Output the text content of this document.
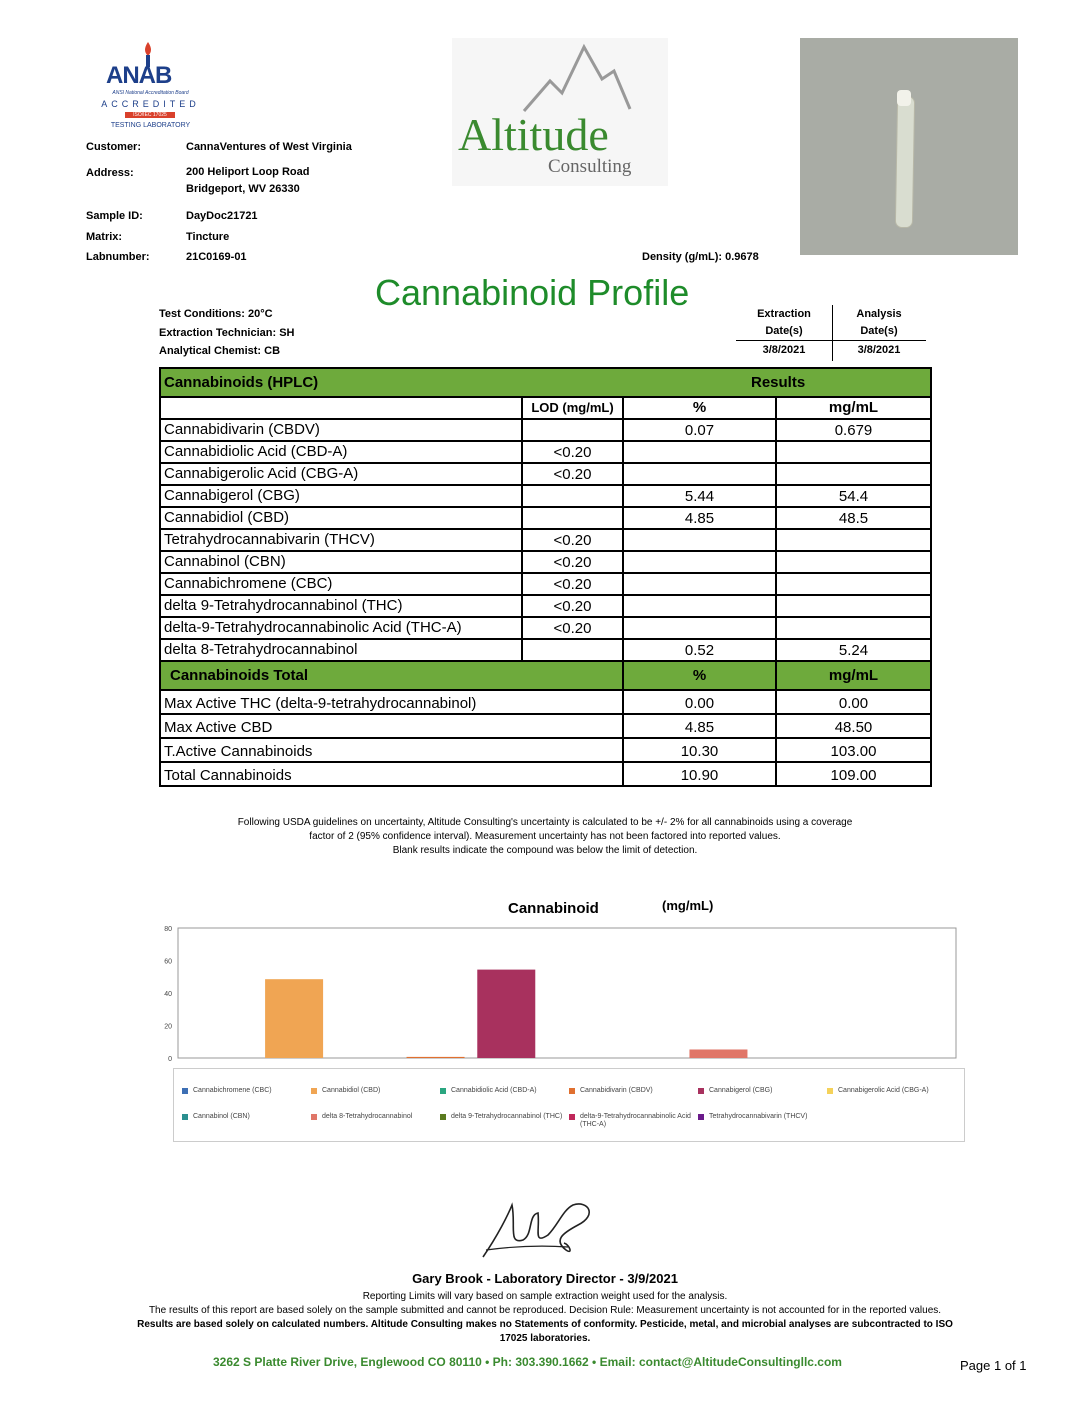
ANAB
ANSI National Accreditation Board
ACCREDITED
ISO/IEC 17025
TESTING LABORATORY	Altitude
Consulting
Customer:	CannaVentures of West Virginia
Address:	200 Heliport Loop Road
Bridgeport, WV 26330
Sample ID:	DayDoc21721
Matrix:	Tincture
Labnumber:	21C0169-01	Density (g/mL): 0.9678
Cannabinoid Profile
Test Conditions: 20°C
Extraction Technician: SH
Analytical Chemist: CB
Extraction
Date(s)
Analysis
Date(s)
3/8/2021	3/8/2021
Cannabinoids (HPLC)		Results	
	LOD (mg/mL)	%	mg/mL
Cannabidivarin (CBDV)		0.07	0.679
Cannabidiolic Acid (CBD-A)	<0.20		
Cannabigerolic Acid (CBG-A)	<0.20		
Cannabigerol (CBG)		5.44	54.4
Cannabidiol (CBD)		4.85	48.5
Tetrahydrocannabivarin (THCV)	<0.20		
Cannabinol (CBN)	<0.20		
Cannabichromene (CBC)	<0.20		
delta 9-Tetrahydrocannabinol (THC)	<0.20		
delta-9-Tetrahydrocannabinolic Acid (THC-A)	<0.20		
delta 8-Tetrahydrocannabinol		0.52	5.24
Cannabinoids Total		%	mg/mL
Max Active THC (delta-9-tetrahydrocannabinol)		0.00	0.00
Max Active CBD		4.85	48.50
T.Active Cannabinoids		10.30	103.00
Total Cannabinoids		10.90	109.00
Following USDA guidelines on uncertainty, Altitude Consulting's uncertainty is calculated to be +/- 2% for all cannabinoids using a coverage
factor of 2 (95% confidence interval). Measurement uncertainty has not been factored into reported values.
Blank results indicate the compound was below the limit of detection.
Cannabinoid	(mg/mL)
80
60
40
20
0
Cannabichromene (CBC)	Cannabidiol (CBD)	Cannabidiolic Acid (CBD-A)	Cannabidivarin (CBDV)	Cannabigerol (CBG)	Cannabigerolic Acid (CBG-A)
Cannabinol (CBN)	delta 8-Tetrahydrocannabinol	delta 9-Tetrahydrocannabinol (THC)	delta-9-Tetrahydrocannabinolic Acid (THC-A)
Tetrahydrocannabivarin (THCV)
Gary Brook - Laboratory Director - 3/9/2021
Reporting Limits will vary based on sample extraction weight used for the analysis.
The results of this report are based solely on the sample submitted and cannot be reproduced. Decision Rule: Measurement uncertainty is not accounted for in the reported values.
Results are based solely on calculated numbers. Altitude Consulting makes no Statements of conformity. Pesticide, metal, and microbial analyses are subcontracted to ISO
17025 laboratories.
3262 S Platte River Drive, Englewood CO 80110 • Ph: 303.390.1662 • Email: contact@AltitudeConsultingllc.com	Page 1 of 1
